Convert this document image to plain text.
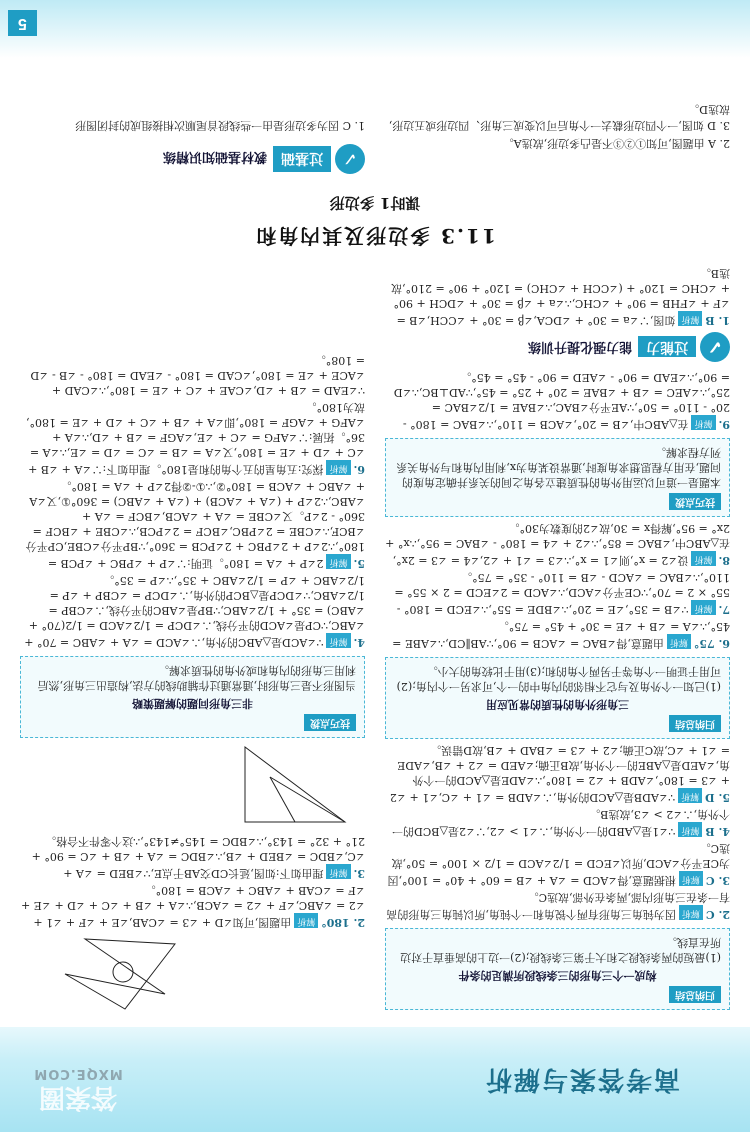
高考答案与解析
答案圈
MXQE.COM
归纳总结
构成一个三角形的三条线段所满足的条件
(1)最短的两条线段之和大于第三条线段;(2)一边上的高垂直于对边所在直线。
2. C解析因为钝角三角形有两个锐角和一个钝角,所以钝角三角形的高有一条在三角形内部,两条在外部,故选C。
3. C解析根据题意,得∠ACD = ∠A + ∠B = 60° + 40° = 100°,因为CE平分∠ACD,所以∠ECD = 1/2∠ACD = 1/2 × 100° = 50°,故选C。
4. B解析∵∠1是△ABD的一个外角,∴∠1 > ∠2,∵∠2是△BCD的一个外角,∴∠2 > ∠3,故选B。
5. D解析∵∠ADB是△ACD的外角,∴∠ADB = ∠1 + ∠C,∠1 + ∠2 + ∠3 = 180°,∠ADB + ∠2 = 180°,∴∠ADE是△ACD的一个外角,∠AED是△ABE的一个外角,故B正确;∠AED = ∠2 + ∠B,∠ADE = ∠1 + ∠C,故C正确;∠2 + ∠3 = ∠BAD + ∠B,故D错误。
归纳总结
三角形外角的性质的常见应用
(1)已知一个外角及与它不相邻的内角中的一个,可求另一个内角;(2)可用于证明一个角等于另两个角的和;(3)用于比较角的大小。
6. 75°解析由题意,得∠BAC = ∠ACB = 90°,∵AB∥CD,∴∠ABE = 45°,∴∠A = ∠B + ∠E = 30° + 45° = 75°。
7.解析∵∠B = 35°,∠E = 20°,∴∠BDE = 55°,∴∠ECD = 180° - 55° × 2 = 70°,∵CE平分∠ACD,∴∠ACD = 2∠ECD = 2 × 55° = 110°,∴∠BAC = ∠ACD - ∠B = 110° - 35° = 75°。
8.解析设∠2 = x°,则∠1 = x°,∴∠3 = ∠1 + ∠2,∠4 = ∠3 = 2x°,在△ABC中,∠BAC = 85°,∴∠2 + ∠4 = 180° - ∠BAC = 95°,∴x° + 2x° = 95°,解得x = 30,故∠2的度数为30°。
技巧点拨
本题是一道可以运用外角的性质建立各角之间的关系并确定角度的问题,在用方程思想求角度时,通常设某角为x,利用内角和与外角关系列方程求解。
9.解析在△ABC中,∠B = 20°,∠ACB = 110°,∴∠BAC = 180° - 20° - 110° = 50°,∵AE平分∠BAC,∴∠BAE = 1/2∠BAC = 25°,∴∠AEC = ∠B + ∠BAE = 20° + 25° = 45°,∵AD⊥BC,∴∠D = 90°,∴∠EAD = 90° - ∠AED = 90° - 45° = 45°。
✓
过能力
能力强化提升训练
1. B解析如图,∵∠a = 30° + ∠DCA,∠β = 30° + ∠CCH,∠B = ∠F + ∠FHB = 90° + ∠CHC,∴∠a + ∠β = 30° + ∠DCH + 90° + ∠CHC = 120° + (∠CCH + ∠CHC) = 120° + 90° = 210°,故选B。
2. 180°解析由题图,可知∠D + ∠3 = ∠CAB,∠E + ∠F + ∠1 + ∠2 = ∠ABC,∠F + ∠2 = ∠ACB,∴∠A + ∠B + ∠C + ∠D + ∠E + ∠F = ∠CAB + ∠ABC + ∠ACB = 180°。
3.解析理由如下:如图,延长CD交AB于点E,∵∠BED = ∠A + ∠C,∠BDC = ∠BED + ∠B,∴∠BDC = ∠A + ∠B + ∠C = 90° + 21° + 32° = 143°,∴∠BDC = 145°≠143°,∴这个零件不合格。
技巧点拨
非三角形问题的解题策略
当图形不是三角形时,通常通过作辅助线的方法,构造出三角形,然后利用三角形的内角和或外角的性质求解。
4.解析∵∠ACD是△ABC的外角,∴∠ACD = ∠A + ∠ABC = 70° + ∠ABC,∵CP是∠ACD的平分线,∴∠DCP = 1/2∠ACD = 1/2(70° + ∠ABC) = 35° + 1/2∠ABC,∵BP是∠ABC的平分线,∴∠CBP = 1/2∠ABC,∵∠DCP是△BCP的外角,∴∠DCP = ∠CBP + ∠P = 1/2∠ABC + ∠P = 1/2∠ABC + 35°,∴∠P = 35°。
5.解析2∠P + ∠A = 180°。证明:∵∠P + ∠PBC + ∠PCB = 180°,∴2∠P + 2∠PBC + 2∠PCB = 360°,∵BP平分∠CBE,CP平分∠BCF,∴∠CBE = 2∠PBC,∠BCF = 2∠PCB,∴∠CBE + ∠BCF = 360° - 2∠P。又∠CBE = ∠A + ∠ACB,∠BCF = ∠A + ∠ABC,∴2∠P + (∠A + ∠ACB) + (∠A + ∠ABC) = 360°①,又∠A + ∠ABC + ∠ACB = 180°②,∴①-②得2∠P + ∠A = 180°。
6.解析探究:五角星的五个角的和是180°。理由如下:∵∠A + ∠B + ∠C + ∠D + ∠E = 180°,又∠A = ∠B = ∠C = ∠D = ∠E,∴∠A = 36°。拓展:∵∠AFG = ∠C + ∠E,∠AGF = ∠B + ∠D,∴∠A + ∠AFG + ∠AGF = 180°,即∠A + ∠B + ∠C + ∠D + ∠E = 180°,故为180°。
∵∠EAD = ∠B + ∠D,∠CAE + ∠C + ∠E = 180°,∴∠CAD + ∠ACE + ∠E = 180°,∠CAD = 180° - ∠EAD = 180° - ∠B - ∠D = 108°。
11.3 多边形及其内角和
课时1 多边形
✓
过基础
教材基础知识精练
1. C 因为多边形是由一些线段首尾顺次相接组成的封闭图形
2. A 由题图,可知①②③不是凸多边形,故选A。
3. D 如图,一个四边形截去一个角后可以变成三角形、四边形或五边形,故选D。
5
